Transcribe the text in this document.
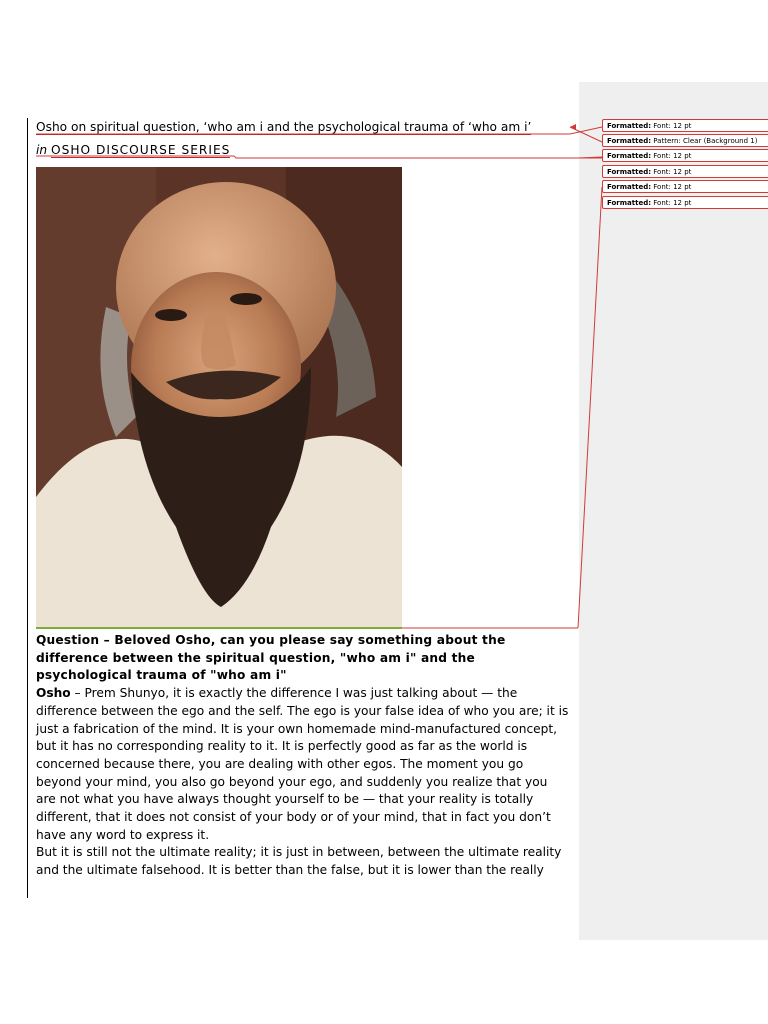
Formatted: Font: 12 pt
Formatted: Pattern: Clear (Background 1)
Formatted: Font: 12 pt
Formatted: Font: 12 pt
Formatted: Font: 12 pt
Formatted: Font: 12 pt
Osho on spiritual question, ‘who am i and the psychological trauma of ‘who am i’
in OSHO DISCOURSE SERIES

Question – Beloved Osho, can you please say something about the difference between the spiritual question, "who am i" and the psychological trauma of "who am i"

Osho – Prem Shunyo, it is exactly the difference I was just talking about — the difference between the ego and the self. The ego is your false idea of who you are; it is just a fabrication of the mind. It is your own homemade mind-manufactured concept, but it has no corresponding reality to it. It is perfectly good as far as the world is concerned because there, you are dealing with other egos. The moment you go beyond your mind, you also go beyond your ego, and suddenly you realize that you are not what you have always thought yourself to be — that your reality is totally different, that it does not consist of your body or of your mind, that in fact you don’t have any word to express it.

But it is still not the ultimate reality; it is just in between, between the ultimate reality and the ultimate falsehood. It is better than the false, but it is lower than the really
